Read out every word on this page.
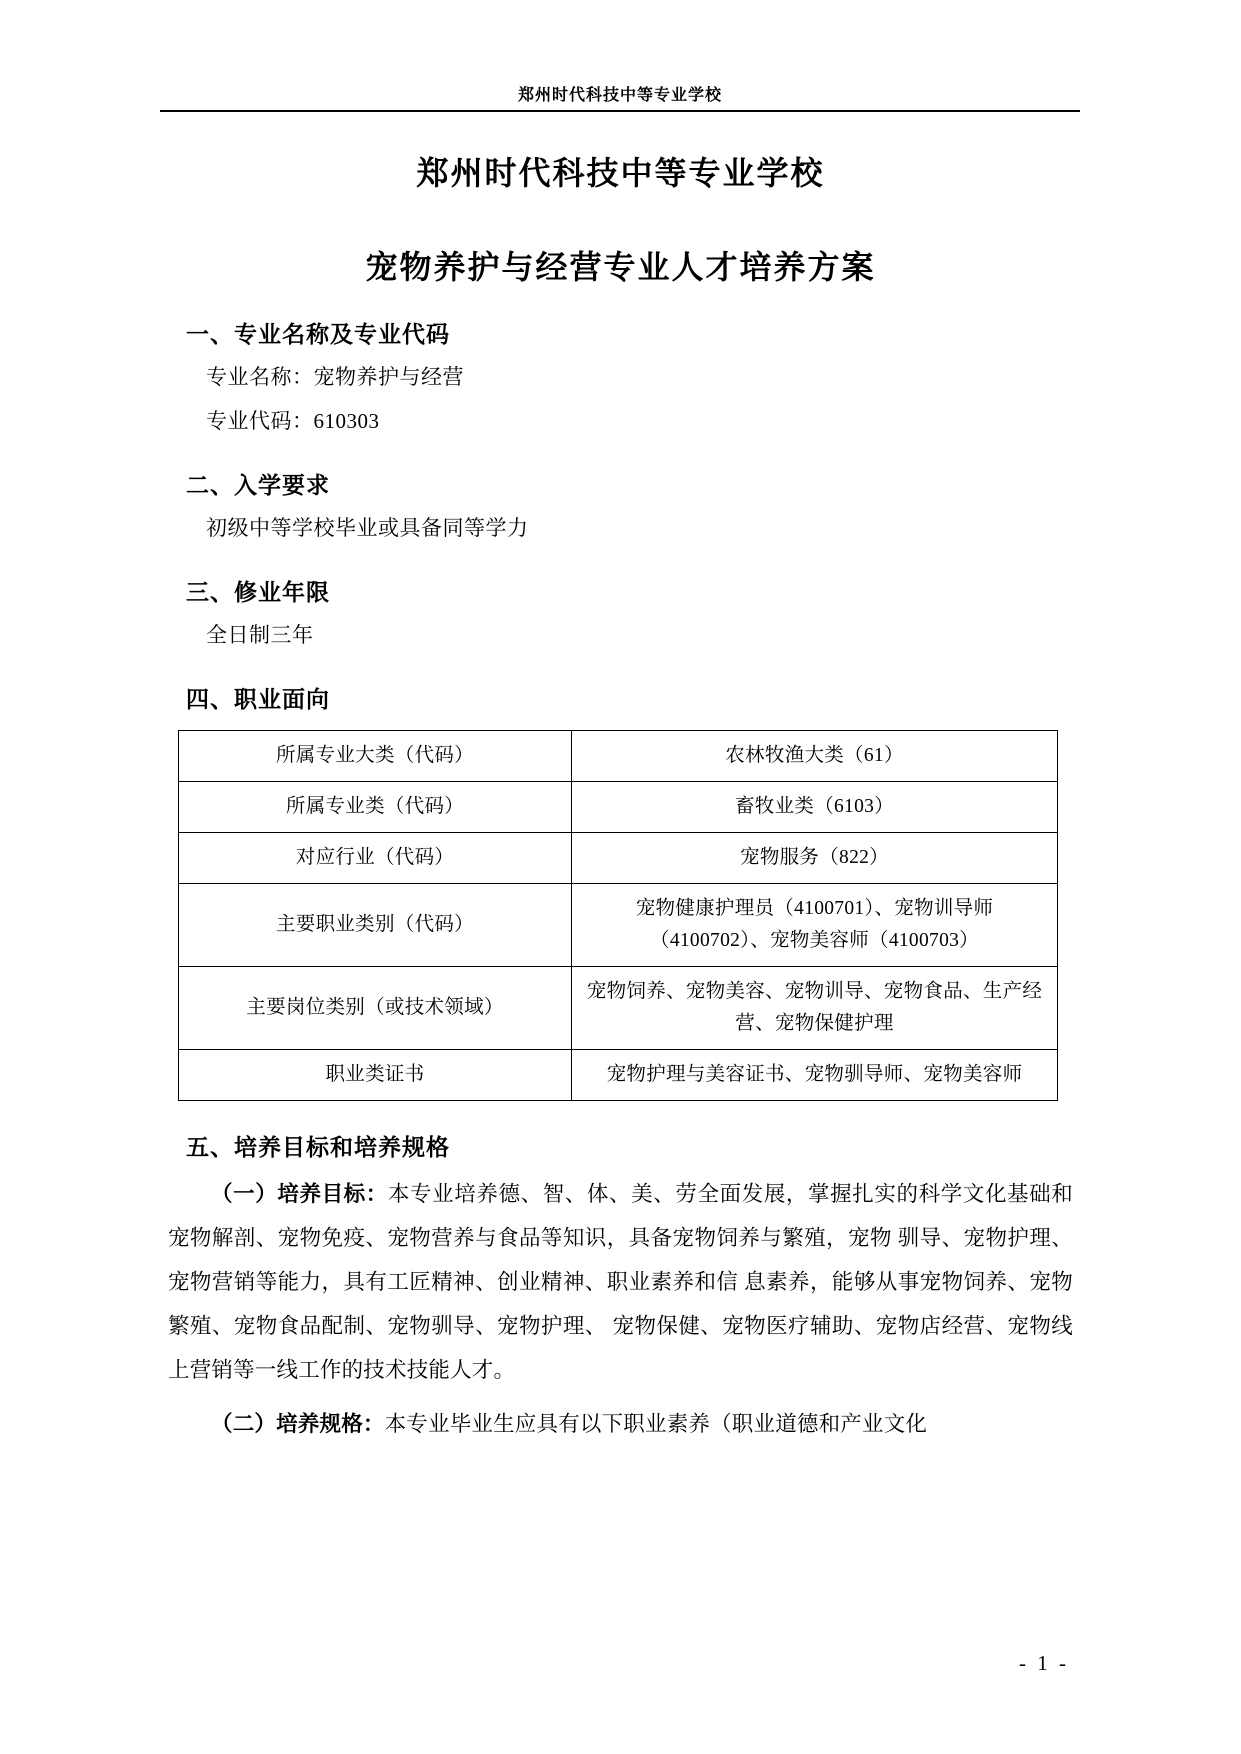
郑州时代科技中等专业学校
郑州时代科技中等专业学校
宠物养护与经营专业人才培养方案
一、专业名称及专业代码
专业名称：宠物养护与经营
专业代码：610303
二、入学要求
初级中等学校毕业或具备同等学力
三、修业年限
全日制三年
四、职业面向
所属专业大类（代码）	农林牧渔大类（61）
所属专业类（代码）	畜牧业类（6103）
对应行业（代码）	宠物服务（822）
主要职业类别（代码）	宠物健康护理员（4100701）、宠物训导师（4100702）、宠物美容师（4100703）
主要岗位类别（或技术领域）	宠物饲养、宠物美容、宠物训导、宠物食品、生产经营、宠物保健护理
职业类证书	宠物护理与美容证书、宠物驯导师、宠物美容师
五、培养目标和培养规格

（一）培养目标：本专业培养德、智、体、美、劳全面发展，掌握扎实的科学文化基础和宠物解剖、宠物免疫、宠物营养与食品等知识，具备宠物饲养与繁殖，宠物 驯导、宠物护理、宠物营销等能力，具有工匠精神、创业精神、职业素养和信 息素养，能够从事宠物饲养、宠物繁殖、宠物食品配制、宠物驯导、宠物护理、 宠物保健、宠物医疗辅助、宠物店经营、宠物线上营销等一线工作的技术技能人才。

（二）培养规格：本专业毕业生应具有以下职业素养（职业道德和产业文化

- 1 -
